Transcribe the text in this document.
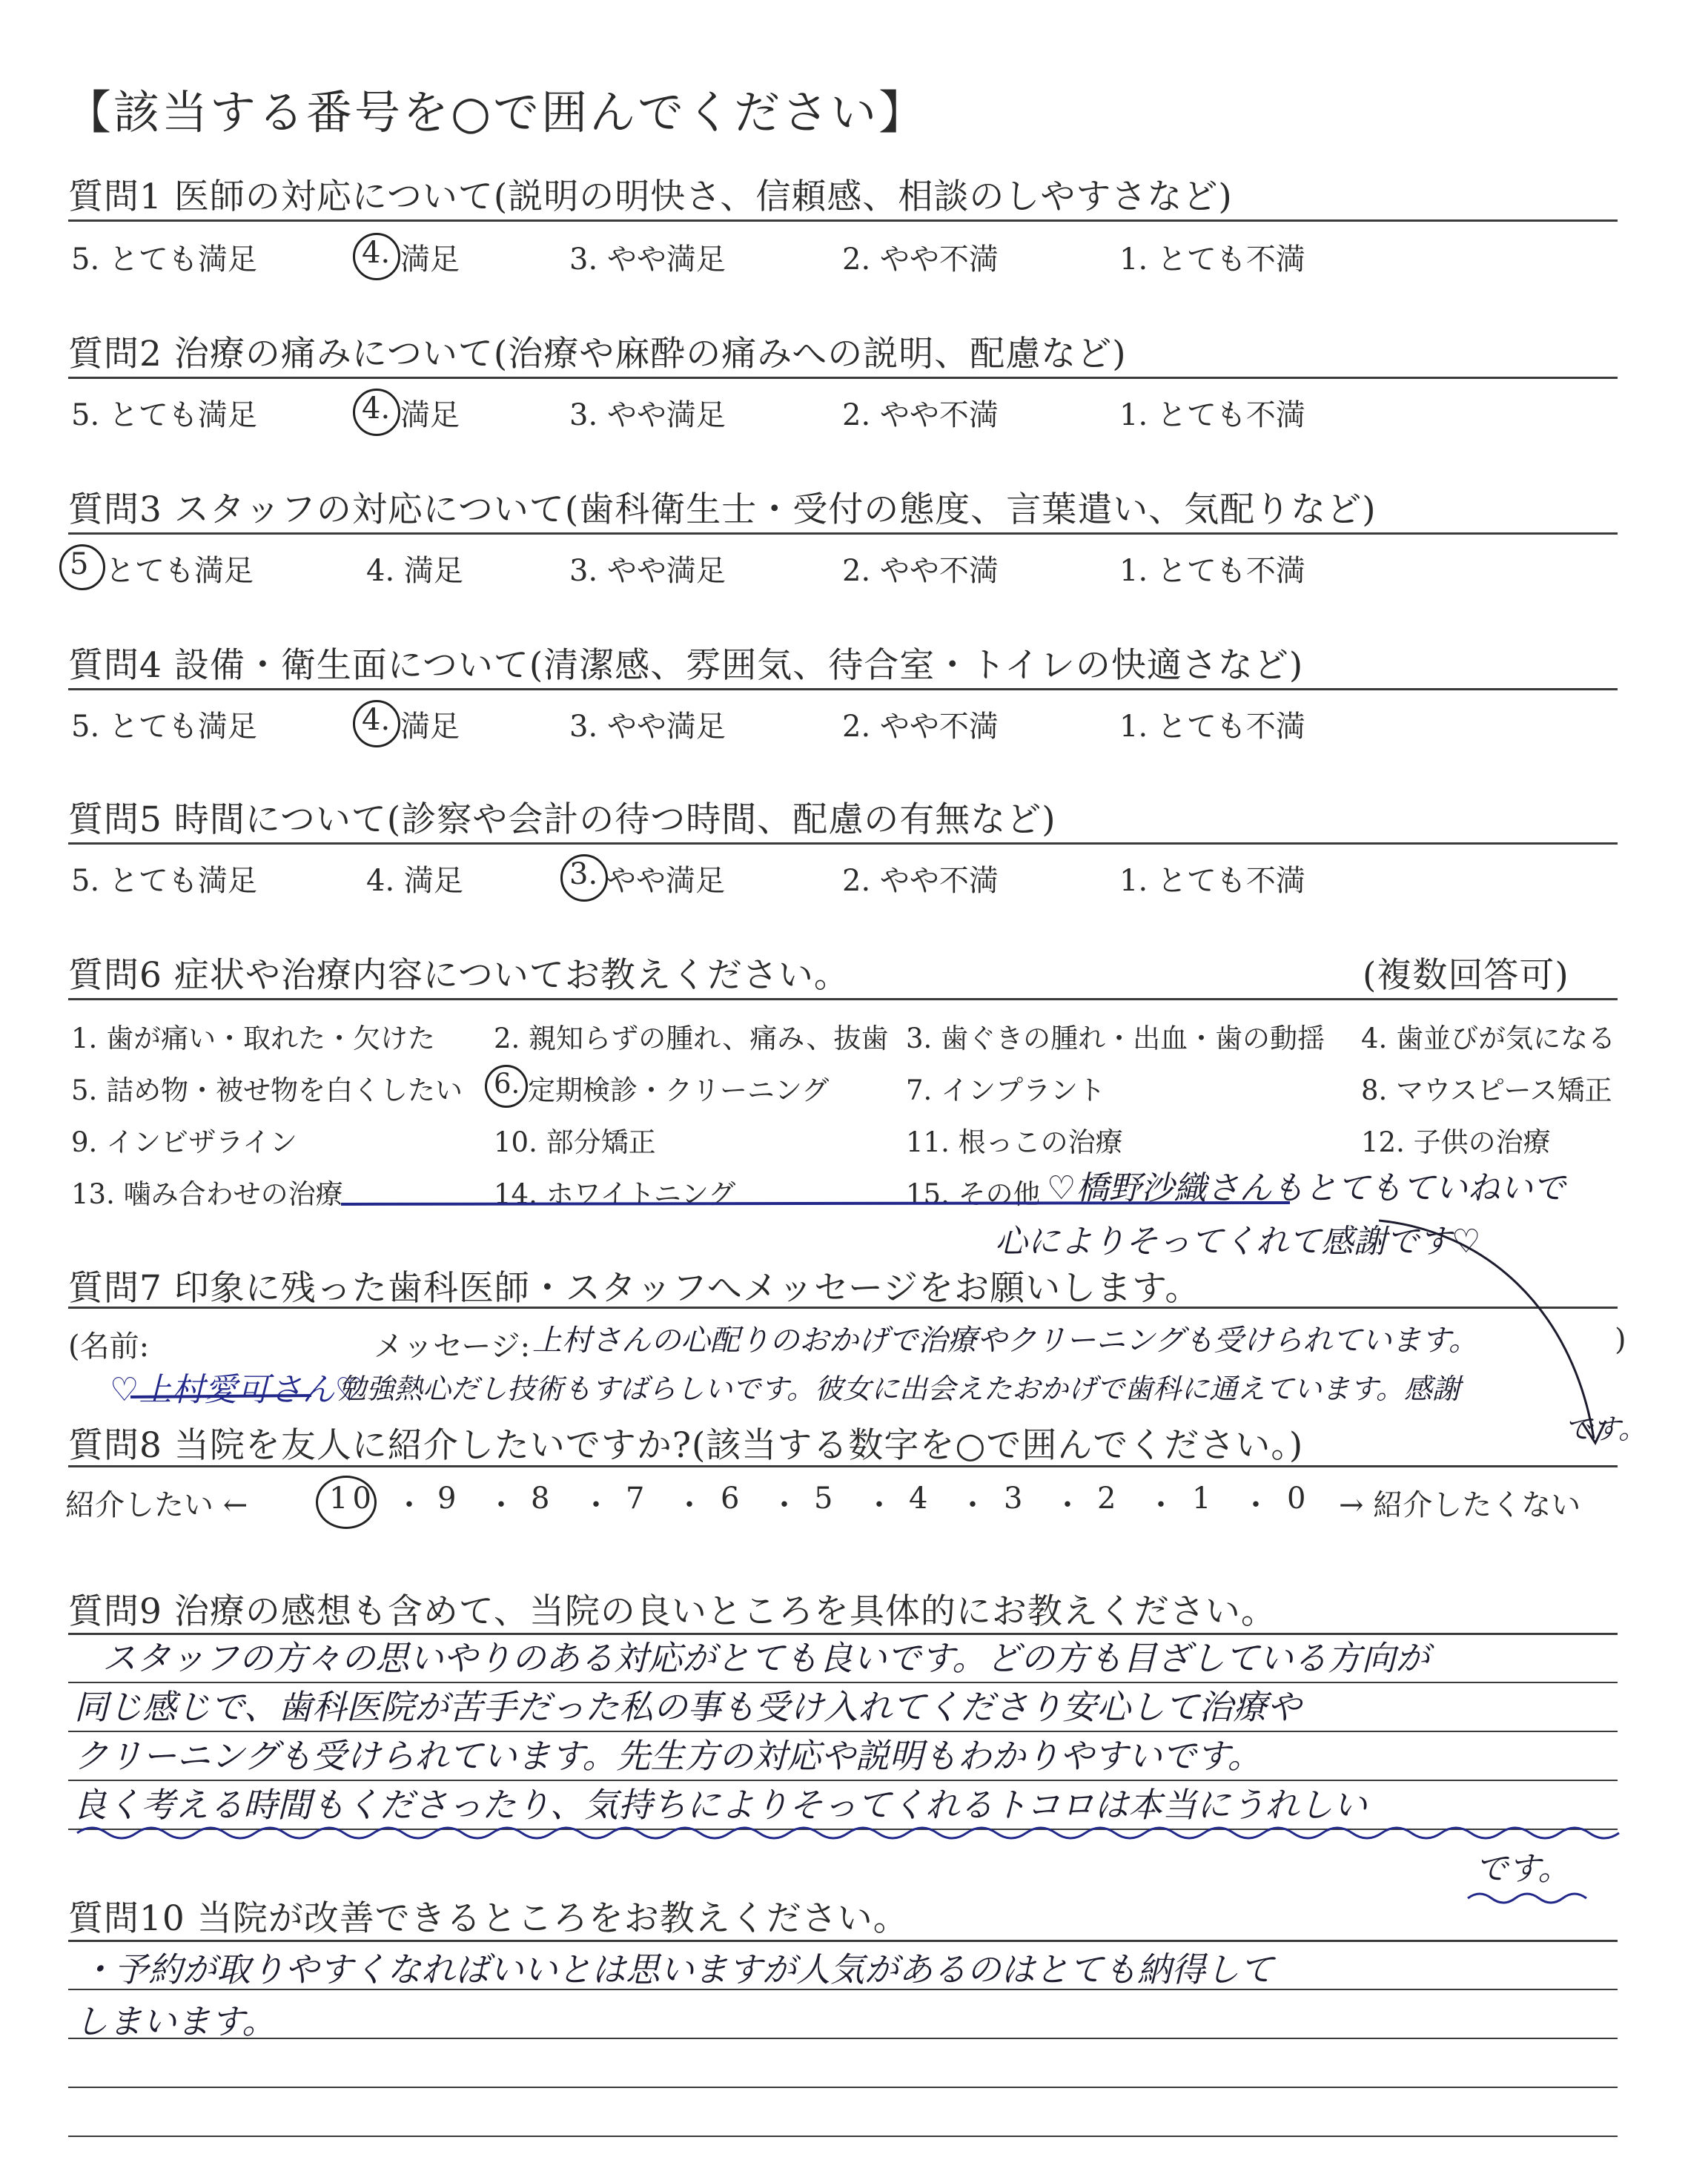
【該当する番号を○で囲んでください】
質問1 医師の対応について(説明の明快さ、信頼感、相談のしやすさなど)
5. とても満足	4. 満足	3. やや満足	2. やや不満	1. とても不満
質問2 治療の痛みについて(治療や麻酔の痛みへの説明、配慮など)
5. とても満足	4. 満足	3. やや満足	2. やや不満	1. とても不満
質問3 スタッフの対応について(歯科衛生士・受付の態度、言葉遣い、気配りなど)
5 とても満足	4. 満足	3. やや満足	2. やや不満	1. とても不満
質問4 設備・衛生面について(清潔感、雰囲気、待合室・トイレの快適さなど)
5. とても満足	4. 満足	3. やや満足	2. やや不満	1. とても不満
質問5 時間について(診察や会計の待つ時間、配慮の有無など)
5. とても満足	4. 満足	3. やや満足	2. やや不満	1. とても不満
質問6 症状や治療内容についてお教えください。	(複数回答可)
1. 歯が痛い・取れた・欠けた 2. 親知らずの腫れ、痛み、抜歯 3. 歯ぐきの腫れ・出血・歯の動揺 4. 歯並びが気になる
5. 詰め物・被せ物を白くしたい 6. 定期検診・クリーニング	7. インプラント	8. マウスピース矯正
9. インビザライン	10. 部分矯正	11. 根っこの治療	12. 子供の治療
13. 噛み合わせの治療	14. ホワイトニング	15. その他 ♡橋野沙織さんもとてもていねいで
心によりそってくれて感謝です♡
質問7 印象に残った歯科医師・スタッフへメッセージをお願いします。
(名前:	メッセージ:	)
上村さんの心配りのおかげで治療やクリーニングも受けられています。
♡上村愛可さん♡
勉強熱心だし技術もすばらしいです。彼女に出会えたおかげで歯科に通えています。感謝
です。
質問8 当院を友人に紹介したいですか?(該当する数字を○で囲んでください。)
紹介したい ←	10 ・ 9 ・ 8 ・ 7 ・ 6 ・ 5 ・ 4 ・ 3 ・ 2 ・ 1 ・ 0 → 紹介したくない
質問9 治療の感想も含めて、当院の良いところを具体的にお教えください。
スタッフの方々の思いやりのある対応がとても良いです。どの方も目ざしている方向が
同じ感じで、歯科医院が苦手だった私の事も受け入れてくださり安心して治療や
クリーニングも受けられています。先生方の対応や説明もわかりやすいです。
良く考える時間もくださったり、気持ちによりそってくれるトコロは本当にうれしい
です。
質問10 当院が改善できるところをお教えください。
・予約が取りやすくなればいいとは思いますが人気があるのはとても納得して
しまいます。
